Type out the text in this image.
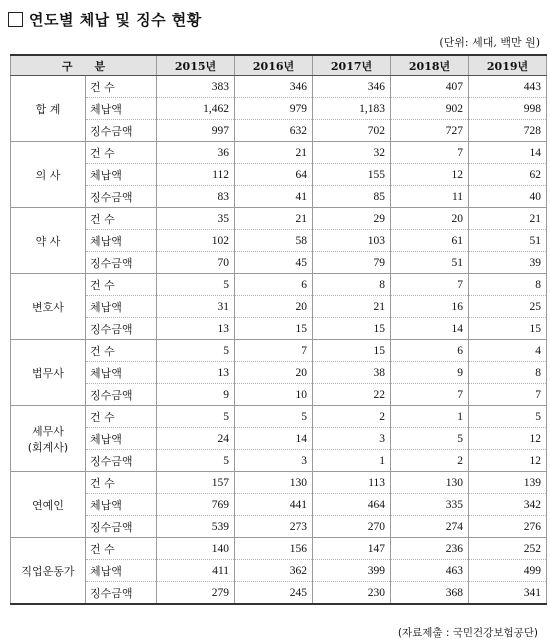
연도별 체납 및 징수 현황
(단위: 세대, 백만 원)
구　　분		2015년	2016년	2017년	2018년	2019년
합 계	건 수	383	346	346	407	443
	체납액	1,462	979	1,183	902	998
	징수금액	997	632	702	727	728
의 사	건 수	36	21	32	7	14
	체납액	112	64	155	12	62
	징수금액	83	41	85	11	40
약 사	건 수	35	21	29	20	21
	체납액	102	58	103	61	51
	징수금액	70	45	79	51	39
변호사	건 수	5	6	8	7	8
	체납액	31	20	21	16	25
	징수금액	13	15	15	14	15
법무사	건 수	5	7	15	6	4
	체납액	13	20	38	9	8
	징수금액	9	10	22	7	7
세무사
(회계사)	건 수	5	5	2	1	5
	체납액	24	14	3	5	12
	징수금액	5	3	1	2	12
연예인	건 수	157	130	113	130	139
	체납액	769	441	464	335	342
	징수금액	539	273	270	274	276
직업운동가	건 수	140	156	147	236	252
	체납액	411	362	399	463	499
	징수금액	279	245	230	368	341
(자료제출 : 국민건강보험공단)
